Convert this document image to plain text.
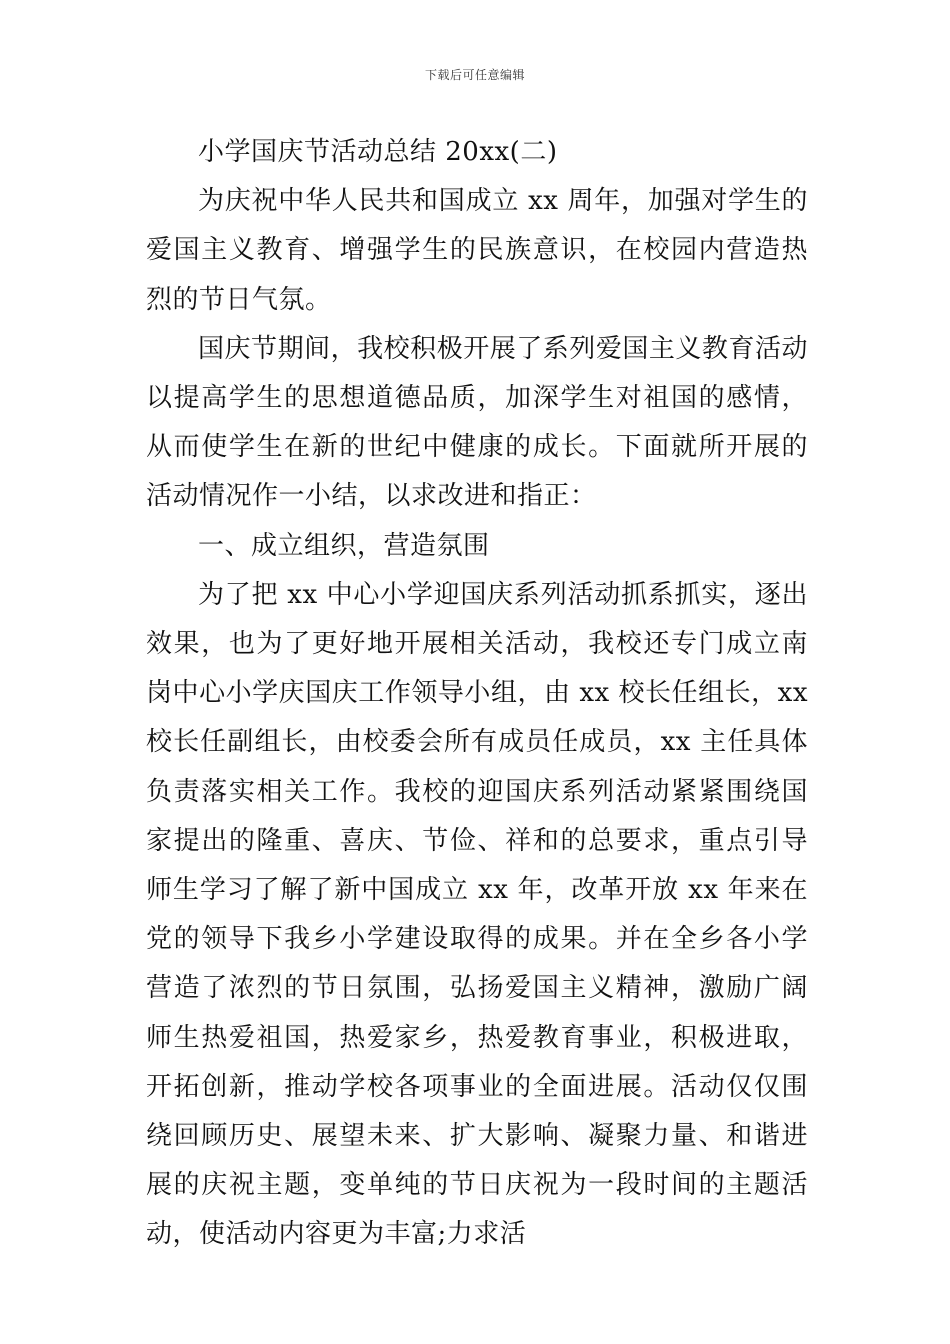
下载后可任意编辑

小学国庆节活动总结 20xx(二)

为庆祝中华人民共和国成立 xx 周年，加强对学生的爱国主义教育、增强学生的民族意识，在校园内营造热烈的节日气氛。

国庆节期间，我校积极开展了系列爱国主义教育活动以提高学生的思想道德品质，加深学生对祖国的感情，从而使学生在新的世纪中健康的成长。下面就所开展的活动情况作一小结，以求改进和指正：

一、成立组织，营造氛围

为了把 xx 中心小学迎国庆系列活动抓系抓实，逐出效果，也为了更好地开展相关活动，我校还专门成立南岗中心小学庆国庆工作领导小组，由 xx 校长任组长，xx 校长任副组长，由校委会所有成员任成员，xx 主任具体负责落实相关工作。我校的迎国庆系列活动紧紧围绕国家提出的隆重、喜庆、节俭、祥和的总要求，重点引导师生学习了解了新中国成立 xx 年，改革开放 xx 年来在党的领导下我乡小学建设取得的成果。并在全乡各小学营造了浓烈的节日氛围，弘扬爱国主义精神，激励广阔师生热爱祖国，热爱家乡，热爱教育事业，积极进取，开拓创新，推动学校各项事业的全面进展。活动仅仅围绕回顾历史、展望未来、扩大影响、凝聚力量、和谐进展的庆祝主题，变单纯的节日庆祝为一段时间的主题活动，使活动内容更为丰富;力求活
